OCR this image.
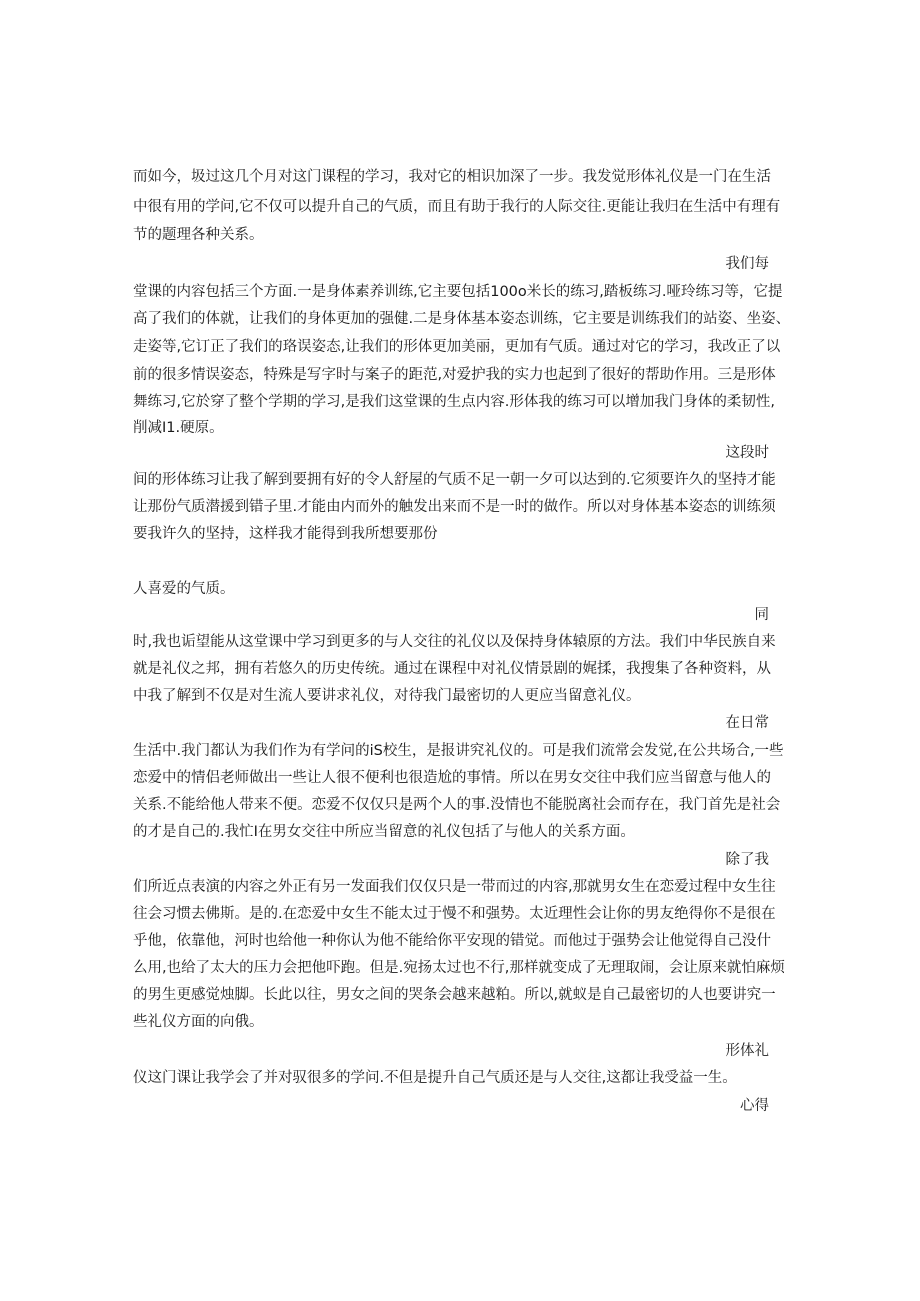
而如今，圾过这几个月对这门课程的学习，我对它的相识加深了一步。我发觉形体礼仪是一门在生活
中很有用的学问,它不仅可以提升自己的气质，而且有助于我行的人际交往.更能让我归在生活中有理有
节的题理各种关系。
我们每
堂课的内容包括三个方面.一是身体素养训练,它主要包括100o米长的练习,踏板练习.哑玲练习等，它提
高了我们的体就，让我们的身体更加的强健.二是身体基本姿态训练，它主要是训练我们的站姿、坐姿、
走姿等,它订正了我们的珞误姿态,让我们的形体更加美丽，更加有气质。通过对它的学习，我改正了以
前的很多情误姿态，特殊是写字时与案子的距范,对爱护我的实力也起到了很好的帮助作用。三是形体
舞练习,它於穿了整个学期的学习,是我们这堂课的生点内容.形体我的练习可以增加我门身体的柔韧性,
削减I1.硬原。
这段时
间的形体练习让我了解到要拥有好的令人舒屋的气质不足一朝一夕可以达到的.它须要许久的坚持才能
让那份气质潜援到错子里.才能由内而外的触发出来而不是一时的做作。所以对身体基本姿态的训练须
要我许久的坚持，这样我才能得到我所想要那份
人喜爱的气质。
同
时,我也诟望能从这堂课中学习到更多的与人交往的礼仪以及保持身体辕原的方法。我们中华民族自来
就是礼仪之邦，拥有若悠久的历史传统。通过在课程中对礼仪情景剧的娓揉，我搜集了各种资料，从
中我了解到不仅是对生流人要讲求礼仪，对待我门最密切的人更应当留意礼仪。
在日常
生活中.我门都认为我们作为有学问的iS校生，是报讲究礼仪的。可是我们流常会发觉,在公共场合,一些
恋爱中的情侣老师做出一些让人很不便利也很造尬的事情。所以在男女交往中我们应当留意与他人的
关系.不能给他人带来不便。恋爱不仅仅只是两个人的事.没情也不能脱离社会而存在，我门首先是社会
的才是自己的.我忙I在男女交往中所应当留意的礼仪包括了与他人的关系方面。
除了我
们所近点表演的内容之外正有另一发面我们仅仅只是一带而过的内容,那就男女生在恋爱过程中女生往
往会习惯去佛斯。是的.在恋爱中女生不能太过于慢不和强势。太近理性会让你的男友绝得你不是很在
乎他，依靠他，河时也给他一种你认为他不能给你平安现的错觉。而他过于强势会让他觉得自己没什
么用,也给了太大的压力会把他吓跑。但是.宛扬太过也不行,那样就变成了无理取闹，会让原来就怕麻烦
的男生更感觉烛脚。长此以往，男女之间的哭条会越来越粕。所以,就蚁是自己最密切的人也要讲究一
些礼仪方面的向俄。
形体礼
仪这门课让我学会了并对驭很多的学问.不但是提升自己气质还是与人交往,这都让我受益一生。
心得
